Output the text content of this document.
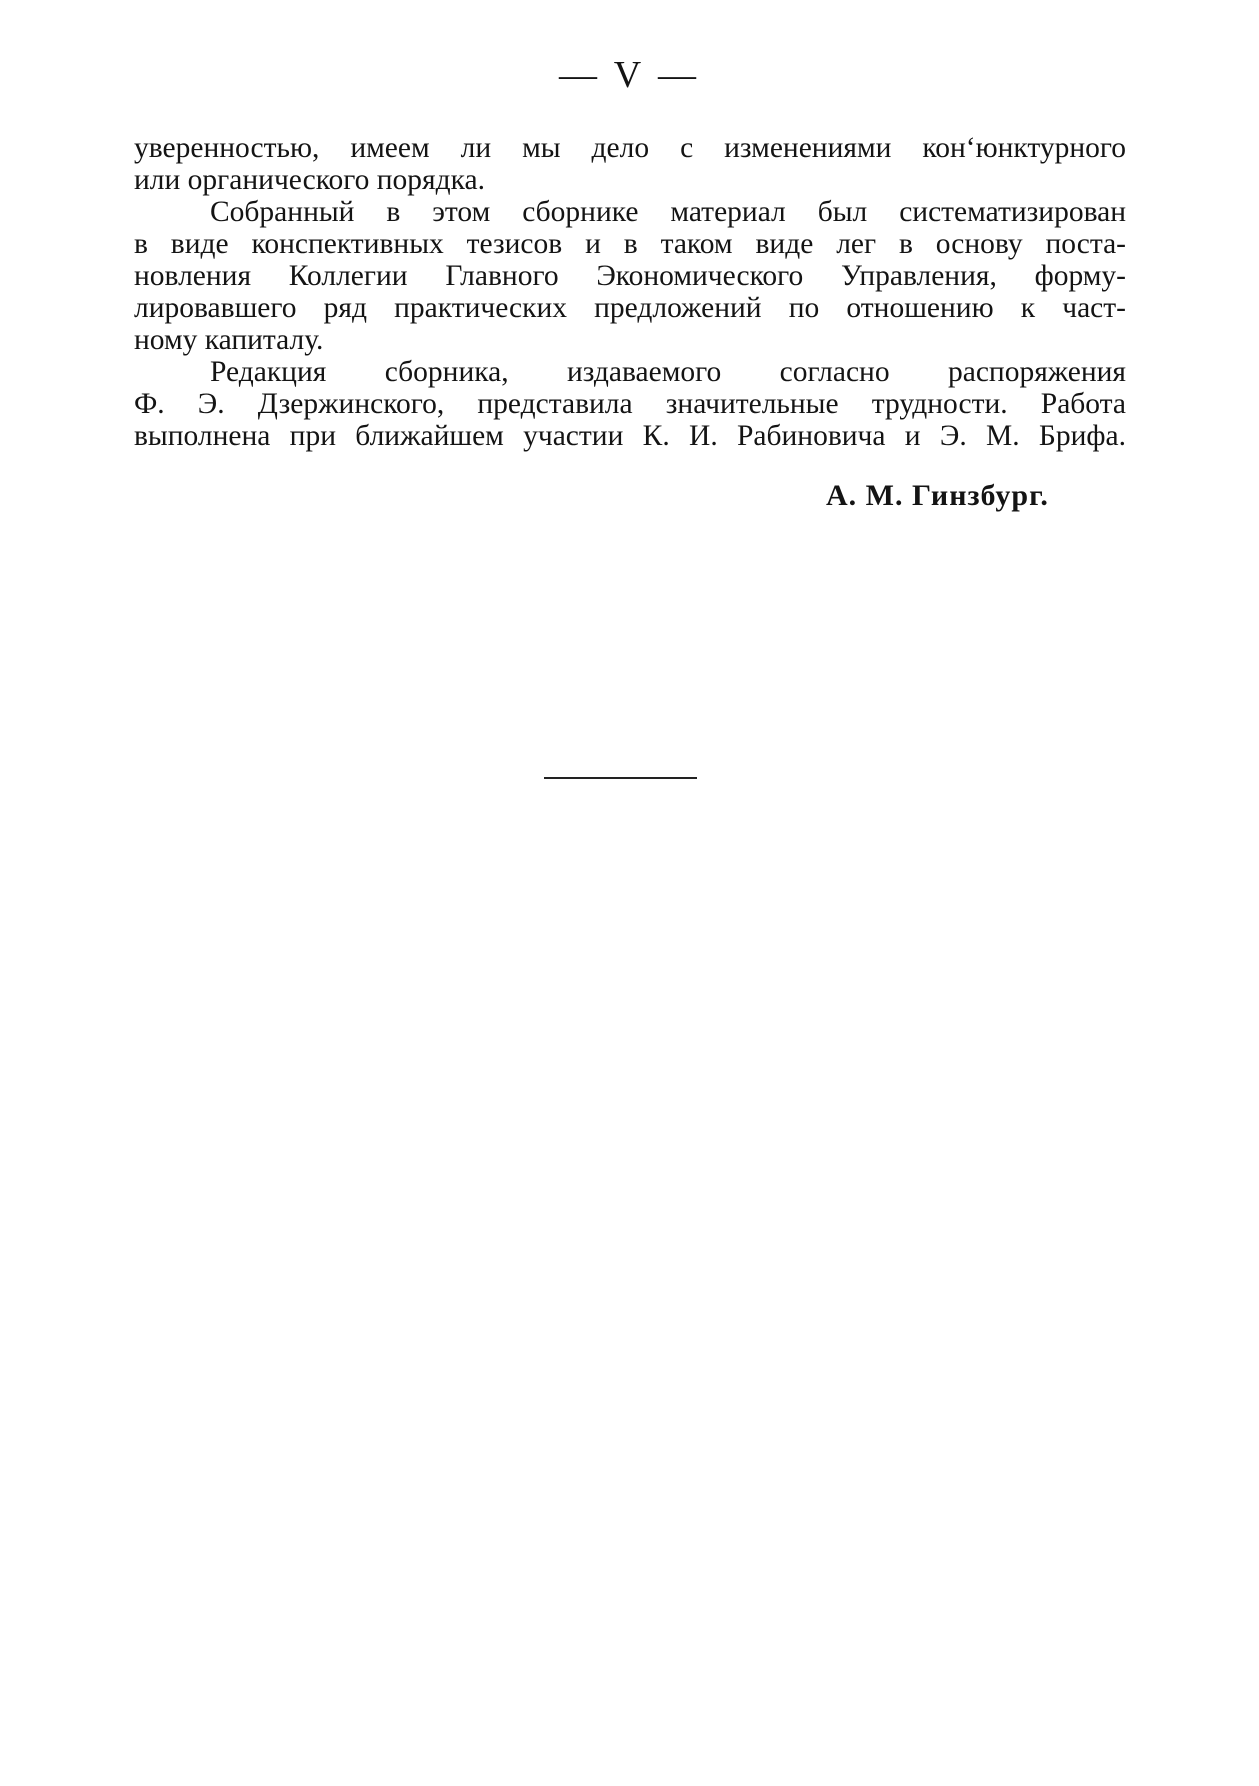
— V —
уверенностью, имеем ли мы дело с изменениями кон‘юнктурного
или органического порядка.
Собранный в этом сборнике материал был систематизирован
в виде конспективных тезисов и в таком виде лег в основу поста-
новления Коллегии Главного Экономического Управления, форму-
лировавшего ряд практических предложений по отношению к част-
ному капиталу.
Редакция сборника, издаваемого согласно распоряжения
Ф. Э. Дзержинского, представила значительные трудности. Работа
выполнена при ближайшем участии К. И. Рабиновича и Э. М. Брифа.
А. М. Гинзбург.
